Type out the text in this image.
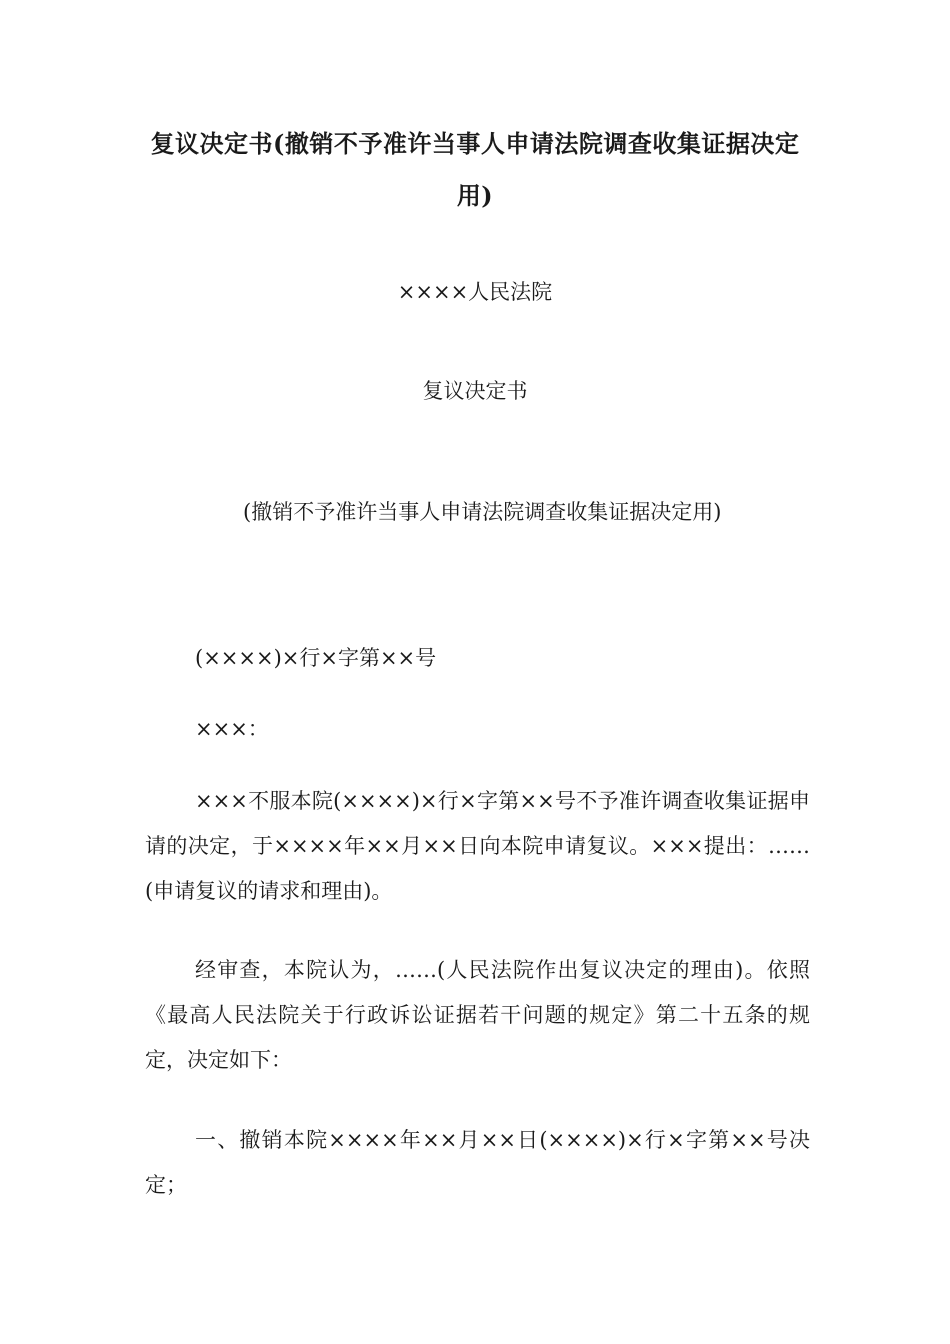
复议决定书(撤销不予准许当事人申请法院调查收集证据决定用)
××××人民法院
复议决定书
(撤销不予准许当事人申请法院调查收集证据决定用)

(××××)×行×字第××号

×××：

×××不服本院(××××)×行×字第××号不予准许调查收集证据申请的决定，于××××年××月××日向本院申请复议。×××提出：……(申请复议的请求和理由)。

经审查，本院认为，……(人民法院作出复议决定的理由)。依照《最高人民法院关于行政诉讼证据若干问题的规定》第二十五条的规定，决定如下：

一、撤销本院××××年××月××日(××××)×行×字第××号决定；
